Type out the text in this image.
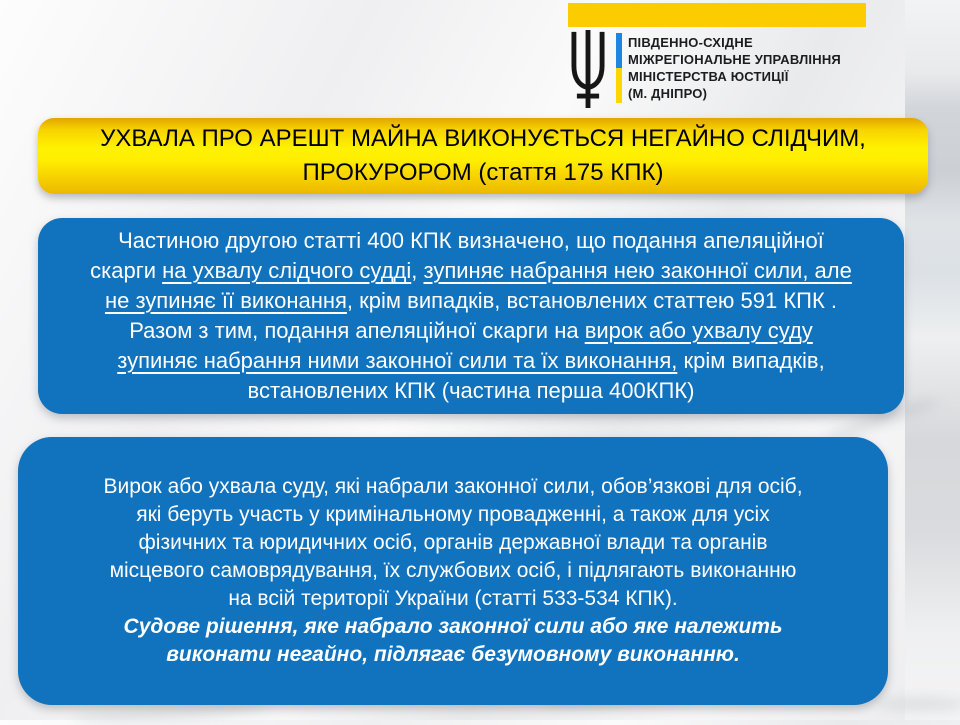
ПІВДЕННО-СХІДНЕ
МІЖРЕГІОНАЛЬНЕ УПРАВЛІННЯ
МІНІСТЕРСТВА ЮСТИЦІЇ
(М. ДНІПРО)
УХВАЛА ПРО АРЕШТ МАЙНА ВИКОНУЄТЬСЯ НЕГАЙНО СЛІДЧИМ,
ПРОКУРОРОМ (стаття 175 КПК)
Частиною другою статті 400 КПК визначено, що подання апеляційної
скарги на ухвалу слідчого судді, зупиняє набрання нею законної сили, але
не зупиняє її виконання, крім випадків, встановлених статтею 591 КПК .
Разом з тим, подання апеляційної скарги на вирок або ухвалу суду
зупиняє набрання ними законної сили та їх виконання, крім випадків,
встановлених КПК (частина перша 400КПК)
Вирок або ухвала суду, які набрали законної сили, обов’язкові для осіб,
які беруть участь у кримінальному провадженні, а також для усіх
фізичних та юридичних осіб, органів державної влади та органів
місцевого самоврядування, їх службових осіб, і підлягають виконанню
на всій території України (статті 533-534 КПК).
Судове рішення, яке набрало законної сили або яке належить
виконати негайно, підлягає безумовному виконанню.
